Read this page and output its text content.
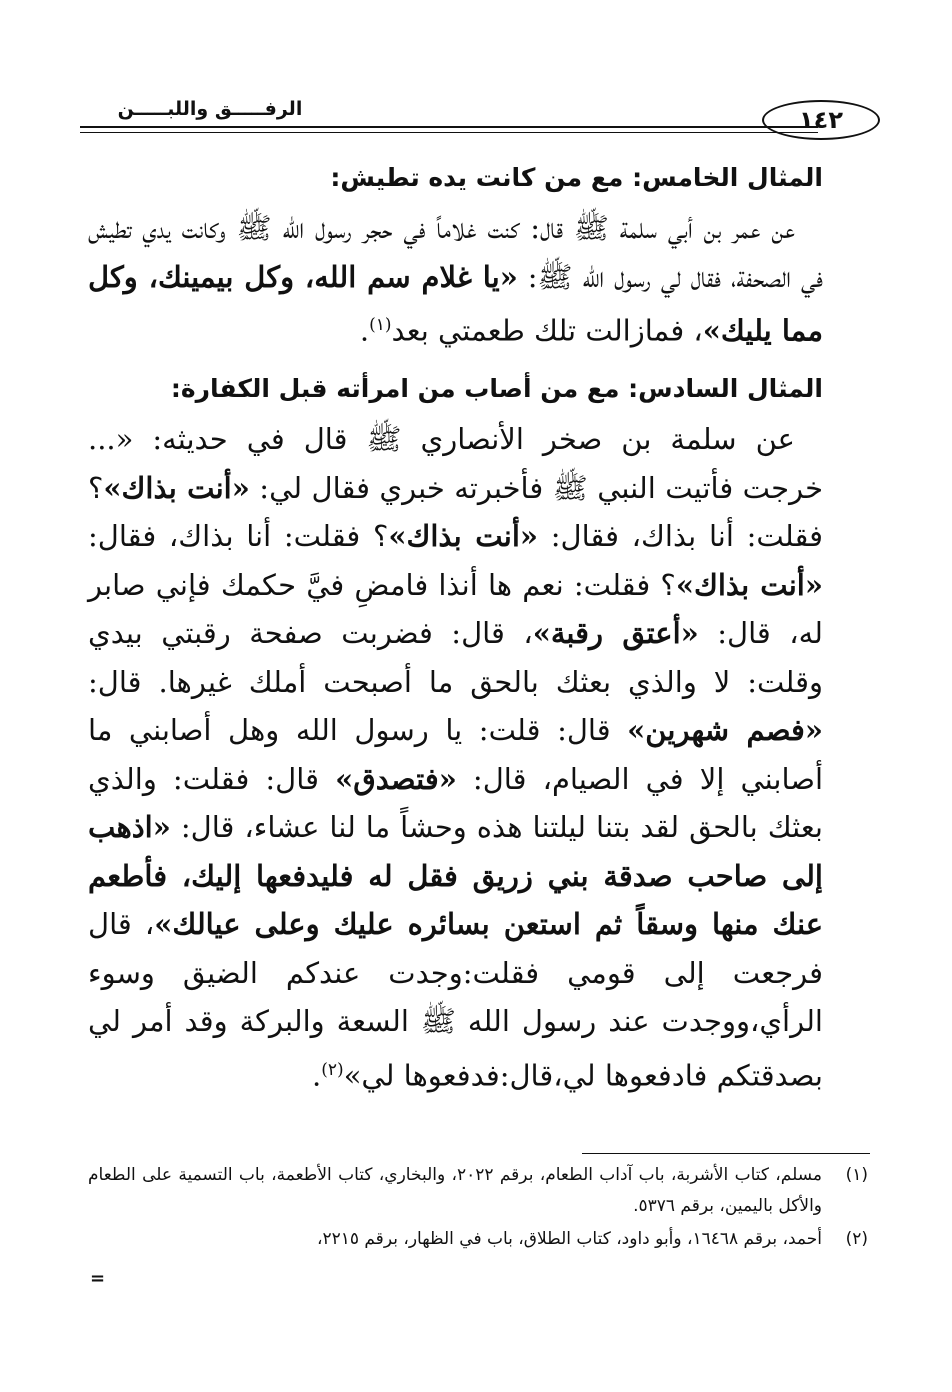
الرفـــــق واللبـــــن	١٤٢
المثال الخامس: مع من كانت يده تطيش:

عن عمر بن أبي سلمة ﷺ قال: كنت غلاماً في حجر رسول الله ﷺ وكانت يدي تطيش في الصحفة، فقال لي رسول الله ﷺ: «يا غلام سم الله، وكل بيمينك، وكل مما يليك»، فمازالت تلك طعمتي بعد$^{(١)}$.

المثال السادس: مع من أصاب من امرأته قبل الكفارة:

عن سلمة بن صخر الأنصاري ﷺ قال في حديثه: «... خرجت فأتيت النبي ﷺ فأخبرته خبري فقال لي: «أنت بذاك»؟ فقلت: أنا بذاك، فقال: «أنت بذاك»؟ فقلت: أنا بذاك، فقال: «أنت بذاك»؟ فقلت: نعم ها أنذا فامضِ فيَّ حكمك فإني صابر له، قال: «أعتق رقبة»، قال: فضربت صفحة رقبتي بيدي وقلت: لا والذي بعثك بالحق ما أصبحت أملك غيرها. قال: «فصم شهرين» قال: قلت: يا رسول الله وهل أصابني ما أصابني إلا في الصيام، قال: «فتصدق» قال: فقلت: والذي بعثك بالحق لقد بتنا ليلتنا هذه وحشاً ما لنا عشاء، قال: «اذهب إلى صاحب صدقة بني زريق فقل له فليدفعها إليك، فأطعم عنك منها وسقاً ثم استعن بسائره عليك وعلى عيالك»، قال فرجعت إلى قومي فقلت:وجدت عندكم الضيق وسوء الرأي،ووجدت عند رسول الله ﷺ السعة والبركة وقد أمر لي بصدقتكم فادفعوها لي،قال:فدفعوها لي»$^{(٢)}$.

(١)
مسلم، كتاب الأشربة، باب آداب الطعام، برقم ٢٠٢٢، والبخاري، كتاب الأطعمة، باب التسمية على الطعام والأكل باليمين، برقم ٥٣٧٦.
(٢)
أحمد، برقم ١٦٤٦٨، وأبو داود، كتاب الطلاق، باب في الظهار، برقم ٢٢١٥،
=
